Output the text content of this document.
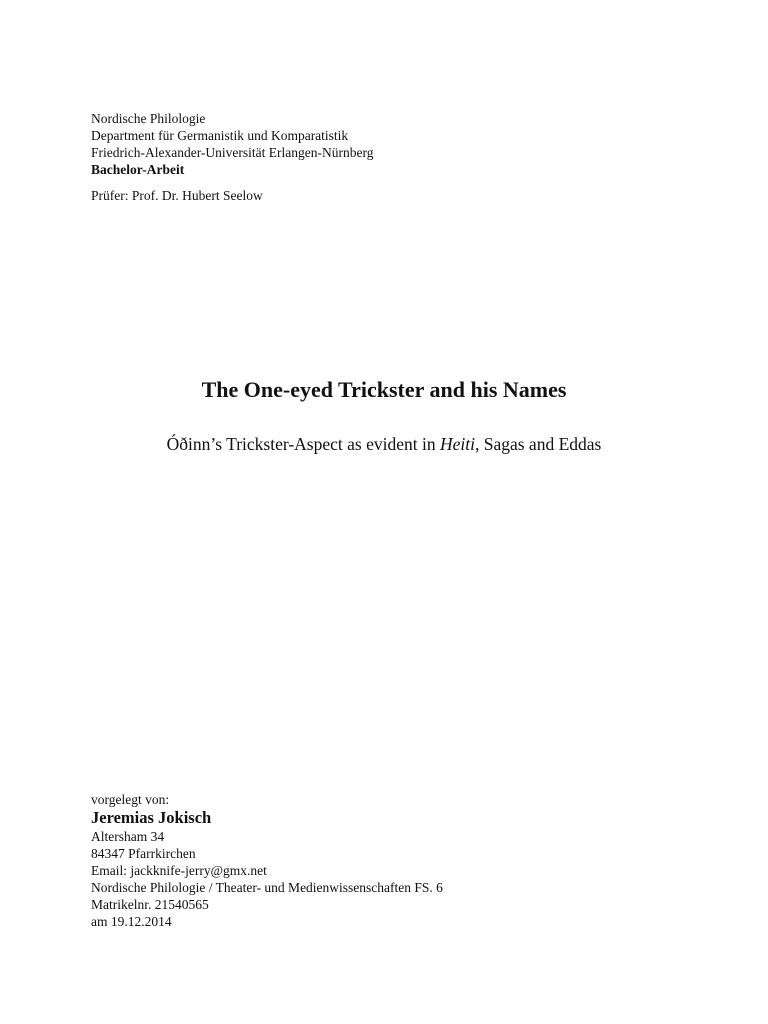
Nordische Philologie
Department für Germanistik und Komparatistik
Friedrich-Alexander-Universität Erlangen-Nürnberg
Bachelor-Arbeit
Prüfer: Prof. Dr. Hubert Seelow
The One-eyed Trickster and his Names
Óðinn’s Trickster-Aspect as evident in Heiti, Sagas and Eddas
vorgelegt von:
Jeremias Jokisch
Altersham 34
84347 Pfarrkirchen
Email: jackknife-jerry@gmx.net
Nordische Philologie / Theater- und Medienwissenschaften FS. 6
Matrikelnr. 21540565
am 19.12.2014
